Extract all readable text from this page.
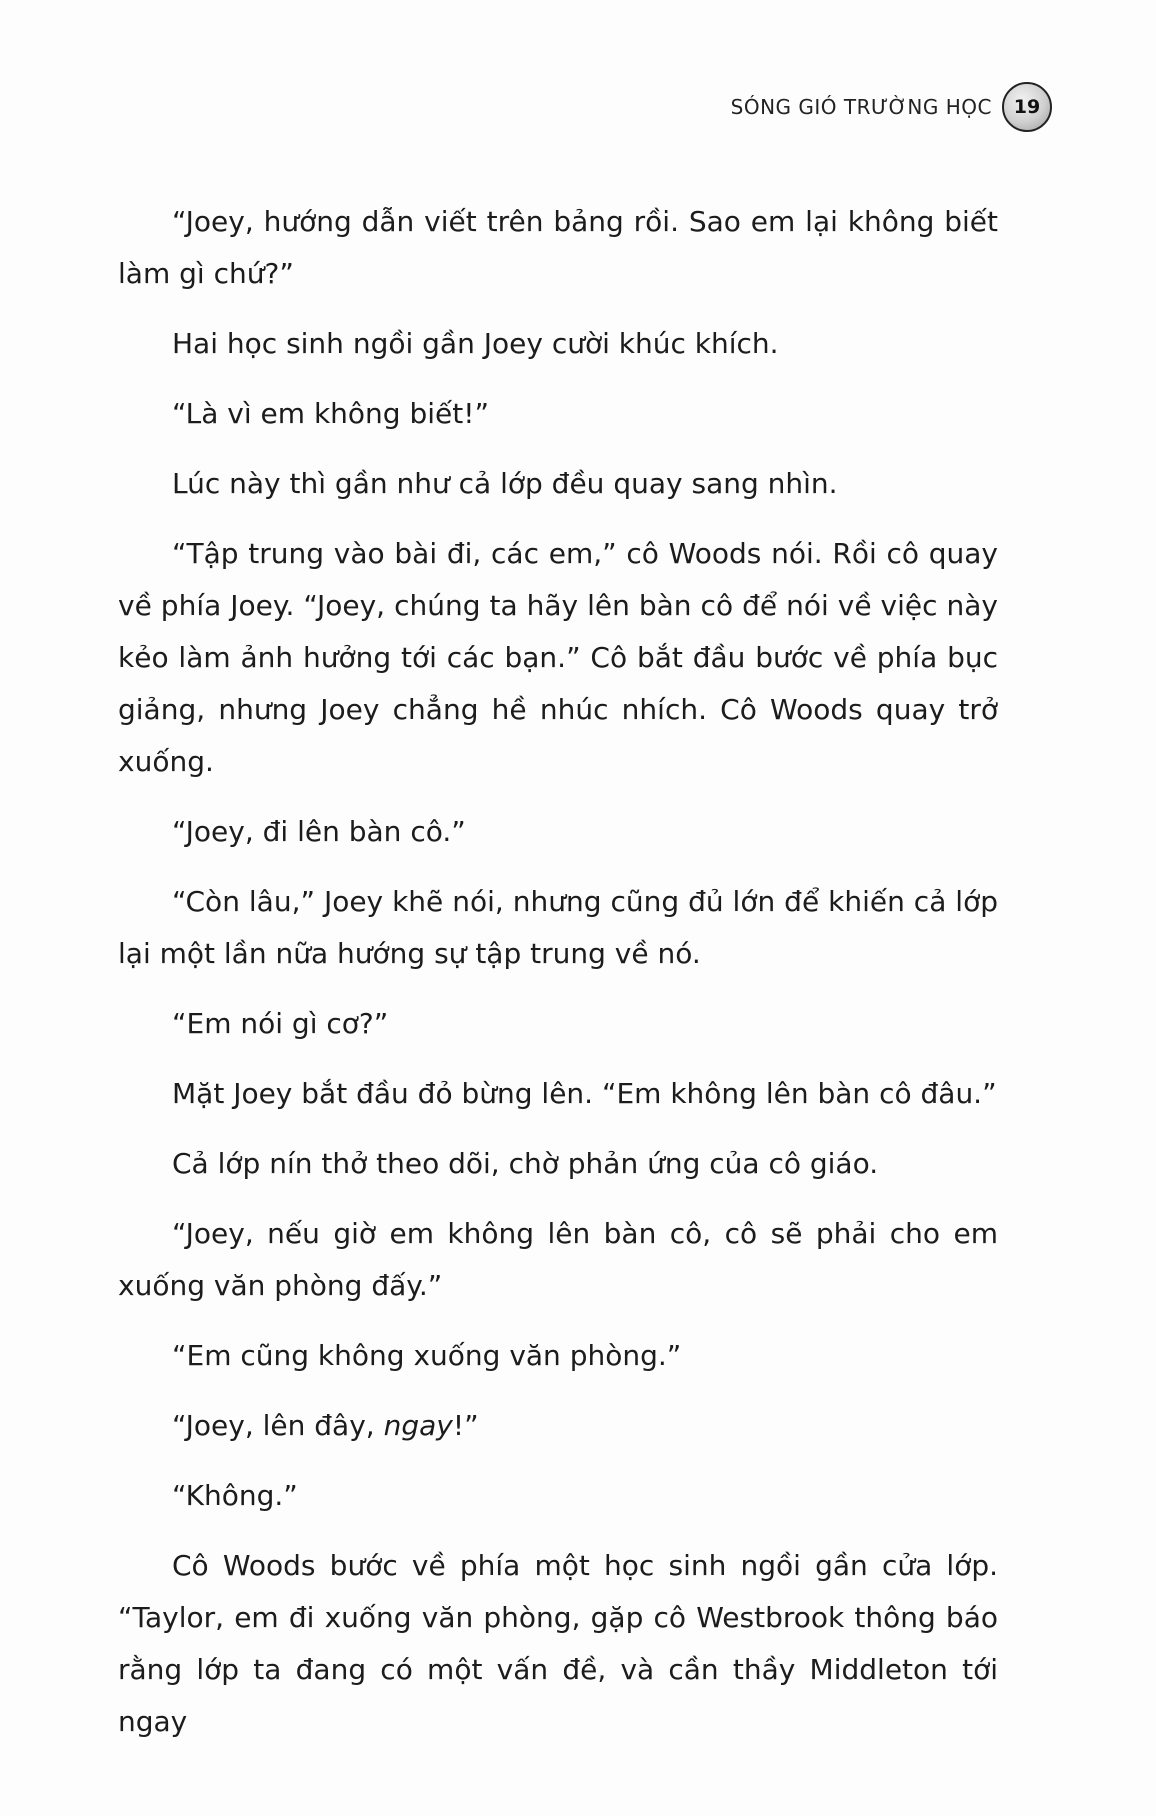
SÓNG GIÓ TRƯỜNG HỌC	19

“Joey, hướng dẫn viết trên bảng rồi. Sao em lại không biết làm gì chứ?”

Hai học sinh ngồi gần Joey cười khúc khích.

“Là vì em không biết!”

Lúc này thì gần như cả lớp đều quay sang nhìn.

“Tập trung vào bài đi, các em,” cô Woods nói. Rồi cô quay về phía Joey. “Joey, chúng ta hãy lên bàn cô để nói về việc này kẻo làm ảnh hưởng tới các bạn.” Cô bắt đầu bước về phía bục giảng, nhưng Joey chẳng hề nhúc nhích. Cô Woods quay trở xuống.

“Joey, đi lên bàn cô.”

“Còn lâu,” Joey khẽ nói, nhưng cũng đủ lớn để khiến cả lớp lại một lần nữa hướng sự tập trung về nó.

“Em nói gì cơ?”

Mặt Joey bắt đầu đỏ bừng lên. “Em không lên bàn cô đâu.”

Cả lớp nín thở theo dõi, chờ phản ứng của cô giáo.

“Joey, nếu giờ em không lên bàn cô, cô sẽ phải cho em xuống văn phòng đấy.”

“Em cũng không xuống văn phòng.”

“Joey, lên đây, ngay!”

“Không.”

Cô Woods bước về phía một học sinh ngồi gần cửa lớp. “Taylor, em đi xuống văn phòng, gặp cô Westbrook thông báo rằng lớp ta đang có một vấn đề, và cần thầy Middleton tới ngay
